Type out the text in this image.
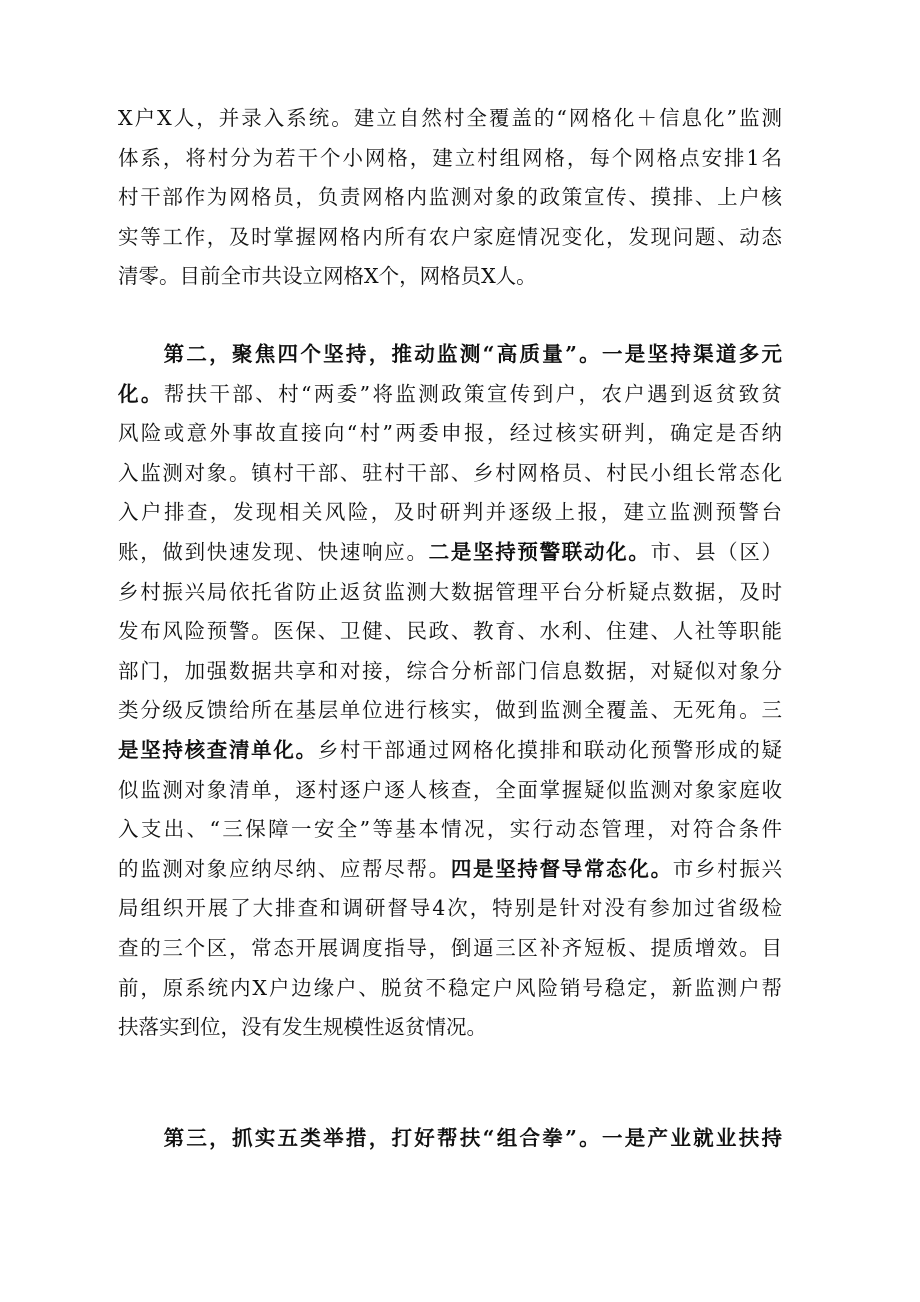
X户X人，并录入系统。建立自然村全覆盖的“网格化＋信息化”监测
体系，将村分为若干个小网格，建立村组网格，每个网格点安排1名
村干部作为网格员，负责网格内监测对象的政策宣传、摸排、上户核
实等工作，及时掌握网格内所有农户家庭情况变化，发现问题、动态
清零。目前全市共设立网格X个，网格员X人。
　　第二，聚焦四个坚持，推动监测“高质量”。一是坚持渠道多元
化。帮扶干部、村“两委”将监测政策宣传到户，农户遇到返贫致贫
风险或意外事故直接向“村”两委申报，经过核实研判，确定是否纳
入监测对象。镇村干部、驻村干部、乡村网格员、村民小组长常态化
入户排查，发现相关风险，及时研判并逐级上报，建立监测预警台
账，做到快速发现、快速响应。二是坚持预警联动化。市、县（区）
乡村振兴局依托省防止返贫监测大数据管理平台分析疑点数据，及时
发布风险预警。医保、卫健、民政、教育、水利、住建、人社等职能
部门，加强数据共享和对接，综合分析部门信息数据，对疑似对象分
类分级反馈给所在基层单位进行核实，做到监测全覆盖、无死角。三
是坚持核查清单化。乡村干部通过网格化摸排和联动化预警形成的疑
似监测对象清单，逐村逐户逐人核查，全面掌握疑似监测对象家庭收
入支出、“三保障一安全”等基本情况，实行动态管理，对符合条件
的监测对象应纳尽纳、应帮尽帮。四是坚持督导常态化。市乡村振兴
局组织开展了大排查和调研督导4次，特别是针对没有参加过省级检
查的三个区，常态开展调度指导，倒逼三区补齐短板、提质增效。目
前，原系统内X户边缘户、脱贫不稳定户风险销号稳定，新监测户帮
扶落实到位，没有发生规模性返贫情况。
　　第三，抓实五类举措，打好帮扶“组合拳”。一是产业就业扶持
